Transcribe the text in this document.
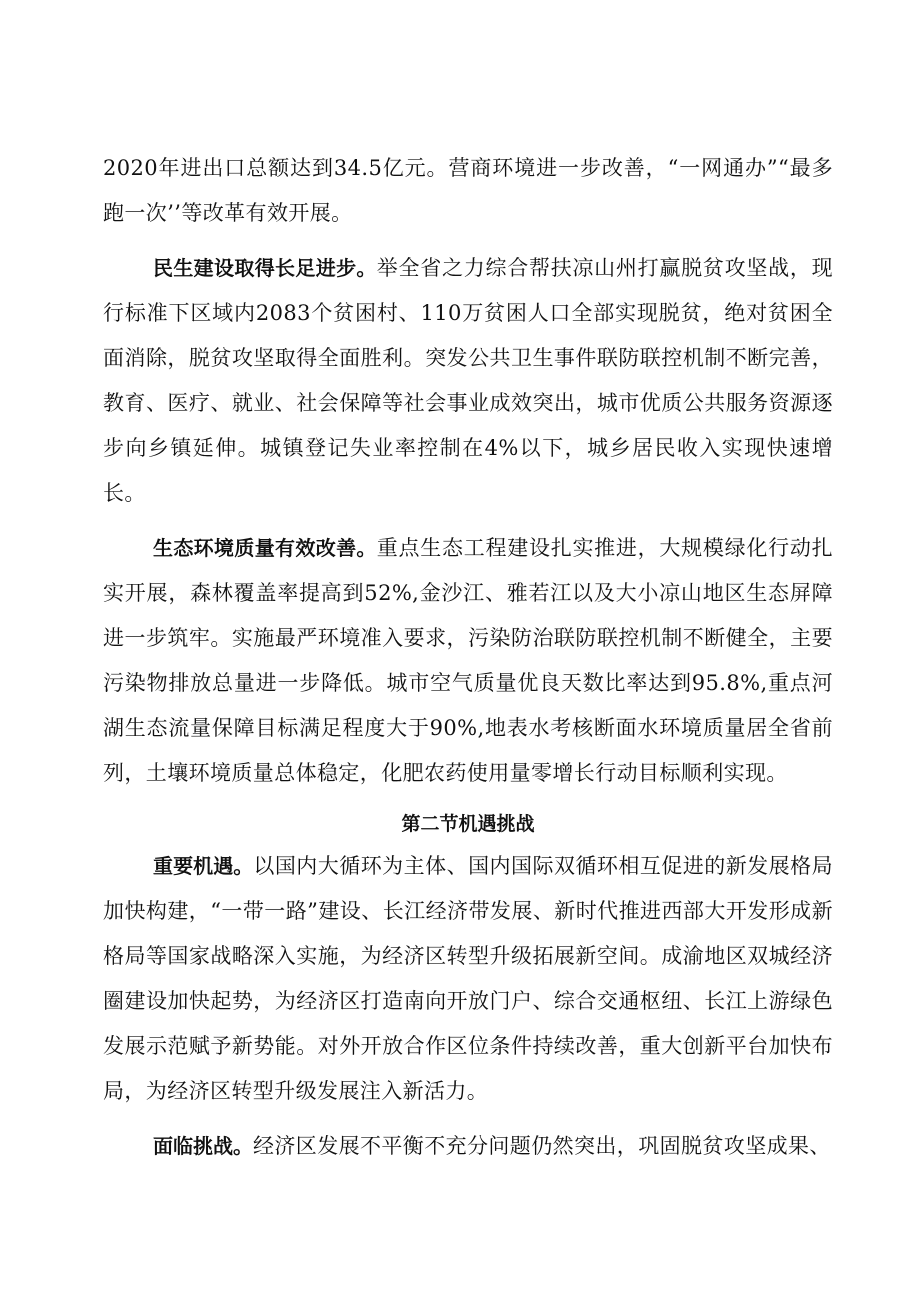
2020年进出口总额达到34.5亿元。营商环境进一步改善，“一网通办”“最多跑一次’’等改革有效开展。

民生建设取得长足进步。举全省之力综合帮扶凉山州打赢脱贫攻坚战，现行标准下区域内2083个贫困村、110万贫困人口全部实现脱贫，绝对贫困全面消除，脱贫攻坚取得全面胜利。突发公共卫生事件联防联控机制不断完善，教育、医疗、就业、社会保障等社会事业成效突出，城市优质公共服务资源逐步向乡镇延伸。城镇登记失业率控制在4%以下，城乡居民收入实现快速增长。

生态环境质量有效改善。重点生态工程建设扎实推进，大规模绿化行动扎实开展，森林覆盖率提高到52%,金沙江、雅若江以及大小凉山地区生态屏障进一步筑牢。实施最严环境准入要求，污染防治联防联控机制不断健全，主要污染物排放总量进一步降低。城市空气质量优良天数比率达到95.8%,重点河湖生态流量保障目标满足程度大于90%,地表水考核断面水环境质量居全省前列，土壤环境质量总体稳定，化肥农药使用量零增长行动目标顺利实现。

第二节机遇挑战

重要机遇。以国内大循环为主体、国内国际双循环相互促进的新发展格局加快构建，“一带一路”建设、长江经济带发展、新时代推进西部大开发形成新格局等国家战略深入实施，为经济区转型升级拓展新空间。成渝地区双城经济圈建设加快起势，为经济区打造南向开放门户、综合交通枢纽、长江上游绿色发展示范赋予新势能。对外开放合作区位条件持续改善，重大创新平台加快布局，为经济区转型升级发展注入新活力。

面临挑战。经济区发展不平衡不充分问题仍然突出，巩固脱贫攻坚成果、
